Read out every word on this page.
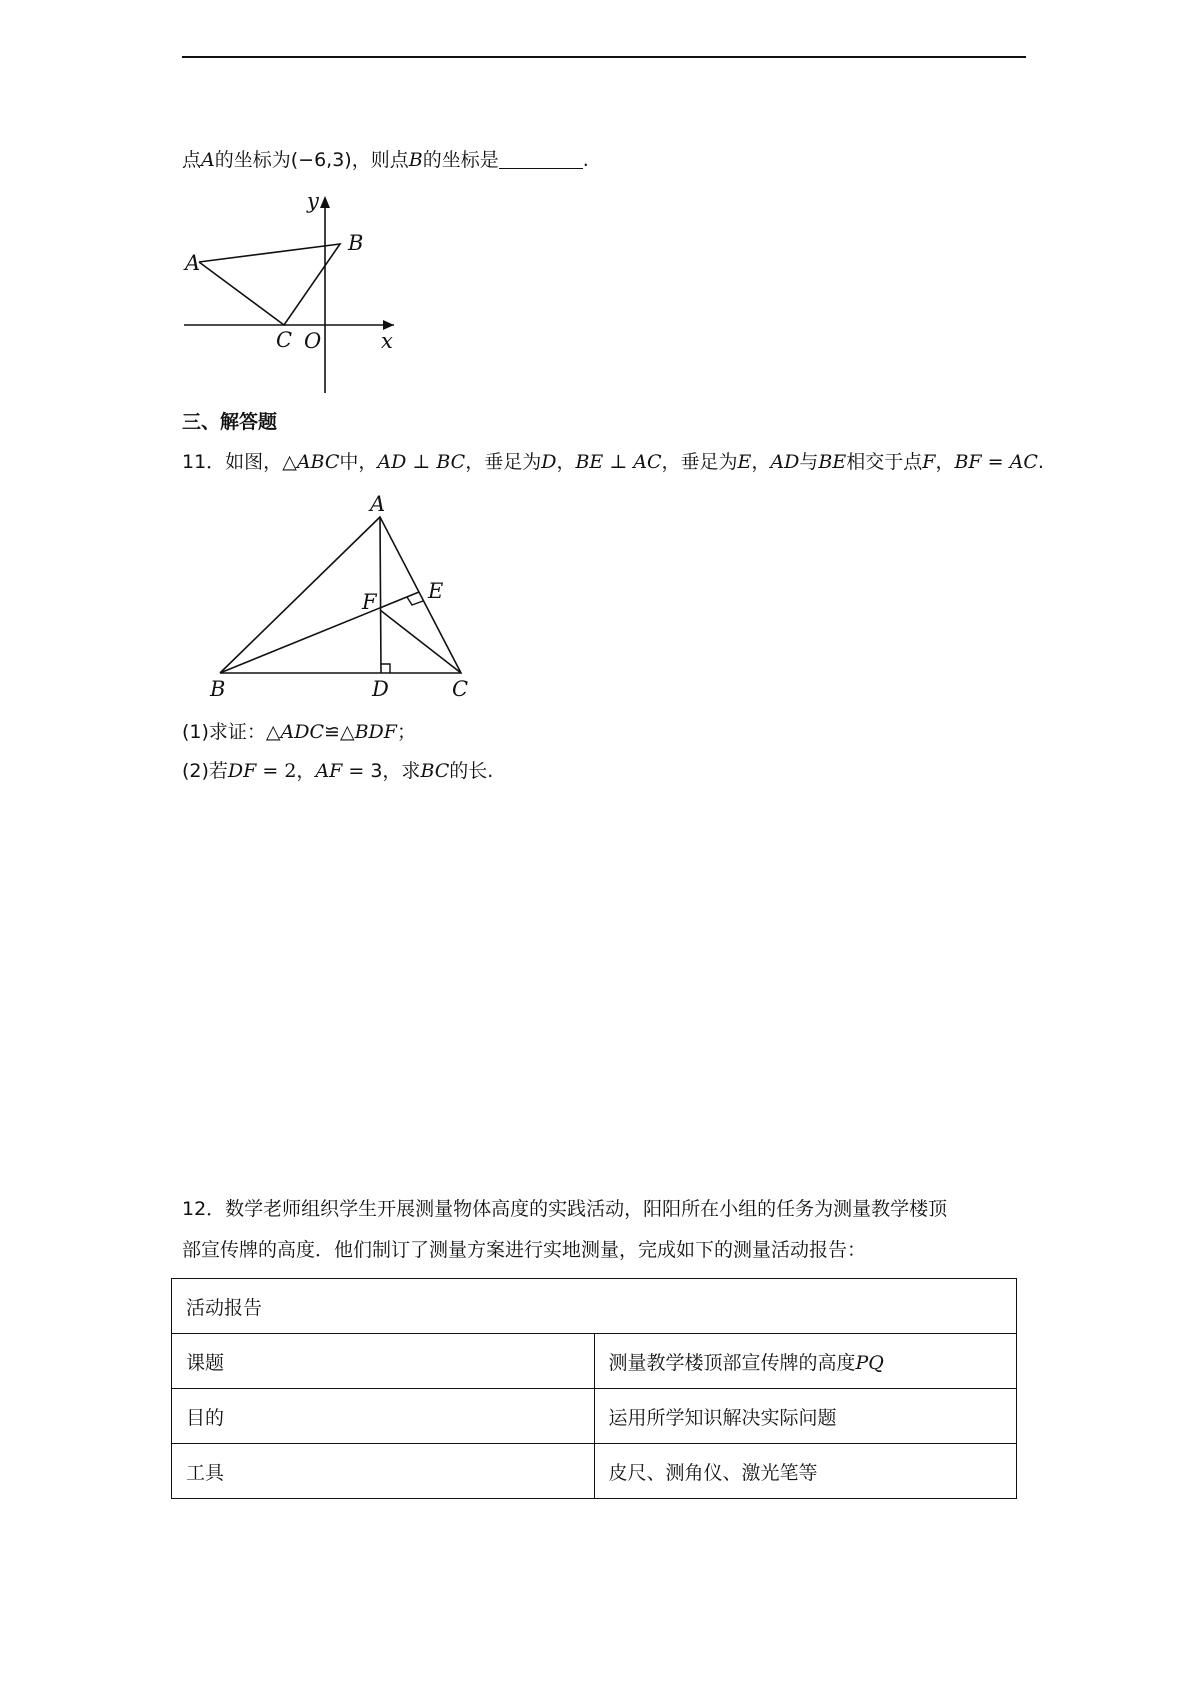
点A的坐标为(−6,3)，则点B的坐标是	.
A
B
C O	x
y
三、解答题
11．如图，△ABC中，AD ⊥ BC，垂足为D，BE ⊥ AC，垂足为E，AD与BE相交于点F，BF = AC.
A
B	C
D
E
F
(1)求证：△ADC≌△BDF；
(2)若DF = 2，AF = 3，求BC的长.
12．数学老师组织学生开展测量物体高度的实践活动，阳阳所在小组的任务为测量教学楼顶
部宣传牌的高度．他们制订了测量方案进行实地测量，完成如下的测量活动报告：
活动报告	
课题	测量教学楼顶部宣传牌的高度PQ
目的	运用所学知识解决实际问题
工具	皮尺、测角仪、激光笔等
